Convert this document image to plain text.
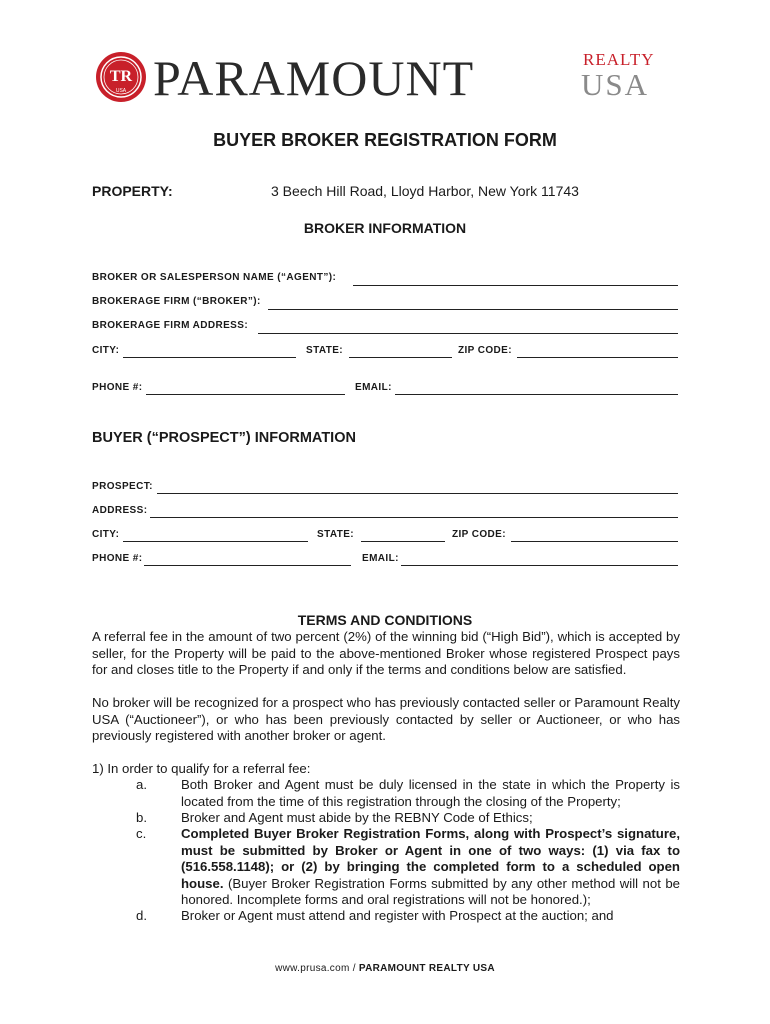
TR
USA PARAMOUNT	REALTY
USA
BUYER BROKER REGISTRATION FORM
PROPERTY:	3 Beech Hill Road, Lloyd Harbor, New York 11743
BROKER INFORMATION
BROKER OR SALESPERSON NAME (“AGENT”):
BROKERAGE FIRM (“BROKER”):
BROKERAGE FIRM ADDRESS:
CITY:	STATE:	ZIP CODE:
PHONE #:	EMAIL:
BUYER (“PROSPECT”) INFORMATION
PROSPECT:
ADDRESS:
CITY:	STATE:	ZIP CODE:
PHONE #:	EMAIL:
TERMS AND CONDITIONS
A referral fee in the amount of two percent (2%) of the winning bid (“High Bid”), which is accepted by seller, for the Property will be paid to the above-mentioned Broker whose registered Prospect pays for and closes title to the Property if and only if the terms and conditions below are satisfied.
No broker will be recognized for a prospect who has previously contacted seller or Paramount Realty USA (“Auctioneer”), or who has been previously contacted by seller or Auctioneer, or who has previously registered with another broker or agent.
1) In order to qualify for a referral fee:
a.	Both Broker and Agent must be duly licensed in the state in which the Property is located from the time of this registration through the closing of the Property;
b.	Broker and Agent must abide by the REBNY Code of Ethics;
c.	Completed Buyer Broker Registration Forms, along with Prospect’s signature, must be submitted by Broker or Agent in one of two ways: (1) via fax to (516.558.1148); or (2) by bringing the completed form to a scheduled open house. (Buyer Broker Registration Forms submitted by any other method will not be honored. Incomplete forms and oral registrations will not be honored.);
d.	Broker or Agent must attend and register with Prospect at the auction; and
www.prusa.com / PARAMOUNT REALTY USA
